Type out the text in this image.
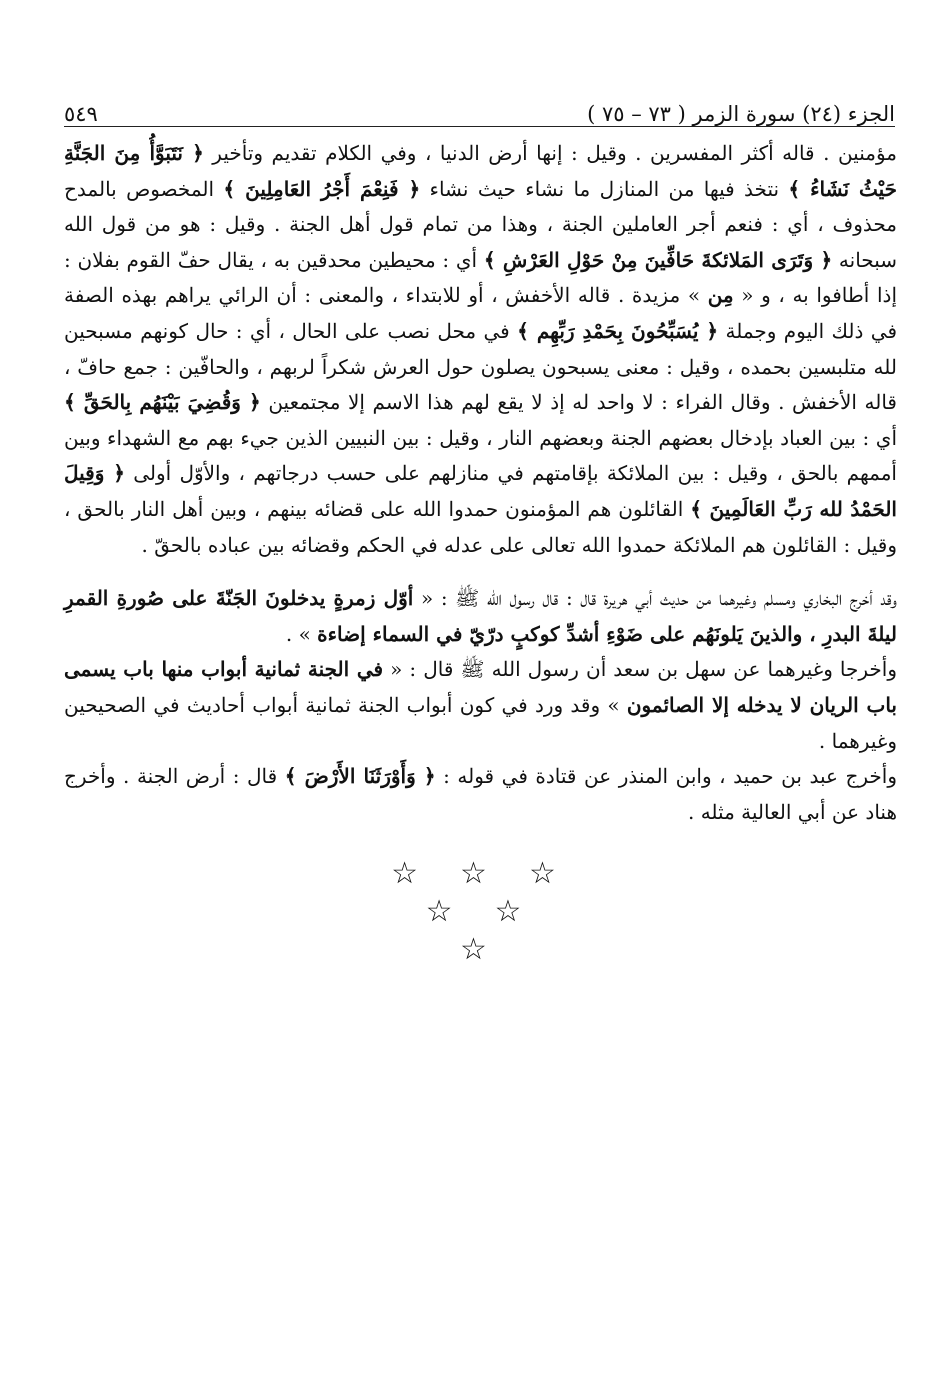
٥٤٩	الجزء (٢٤) سورة الزمر ( ٧٣ – ٧٥ )

مؤمنين . قاله أكثر المفسرين . وقيل : إنها أرض الدنيا ، وفي الكلام تقديم وتأخير ﴿ نَتَبَوَّأُ مِنَ الجَنَّةِ حَيْثُ نَشَاءُ ﴾ نتخذ فيها من المنازل ما نشاء حيث نشاء ﴿ فَنِعْمَ أَجْرُ العَامِلِينَ ﴾ المخصوص بالمدح محذوف ، أي : فنعم أجر العاملين الجنة ، وهذا من تمام قول أهل الجنة . وقيل : هو من قول الله سبحانه ﴿ وَتَرَى المَلائكةَ حَافِّينَ مِنْ حَوْلِ العَرْشِ ﴾ أي : محيطين محدقين به ، يقال حفّ القوم بفلان : إذا أطافوا به ، و « مِن » مزيدة . قاله الأخفش ، أو للابتداء ، والمعنى : أن الرائي يراهم بهذه الصفة في ذلك اليوم وجملة ﴿ يُسَبِّحُونَ بِحَمْدِ رَبِّهِم ﴾ في محل نصب على الحال ، أي : حال كونهم مسبحين لله متلبسين بحمده ، وقيل : معنى يسبحون يصلون حول العرش شكراً لربهم ، والحافّين : جمع حافّ ، قاله الأخفش . وقال الفراء : لا واحد له إذ لا يقع لهم هذا الاسم إلا مجتمعين ﴿ وَقُضِيَ بَيْنَهُم بِالحَقِّ ﴾ أي : بين العباد بإدخال بعضهم الجنة وبعضهم النار ، وقيل : بين النبيين الذين جيء بهم مع الشهداء وبين أممهم بالحق ، وقيل : بين الملائكة بإقامتهم في منازلهم على حسب درجاتهم ، والأوّل أولى ﴿ وَقِيلَ الحَمْدُ لله رَبِّ العَالَمِينَ ﴾ القائلون هم المؤمنون حمدوا الله على قضائه بينهم ، وبين أهل النار بالحق ، وقيل : القائلون هم الملائكة حمدوا الله تعالى على عدله في الحكم وقضائه بين عباده بالحقّ .

وقد أخرج البخاري ومسلم وغيرهما من حديث أبي هريرة قال : قال رسول الله ﷺ : « أوّل زمرةٍ يدخلونَ الجَنّةَ على صُورةِ القمرِ ليلةَ البدرِ ، والذينَ يَلونَهُم على ضَوْءِ أشدِّ كوكبٍ درّيّ في السماء إضاءة » .

وأخرجا وغيرهما عن سهل بن سعد أن رسول الله ﷺ قال : « في الجنة ثمانية أبواب منها باب يسمى باب الريان لا يدخله إلا الصائمون » وقد ورد في كون أبواب الجنة ثمانية أبواب أحاديث في الصحيحين وغيرهما .

وأخرج عبد بن حميد ، وابن المنذر عن قتادة في قوله : ﴿ وَأَوْرَثَنَا الأَرْضَ ﴾ قال : أرض الجنة . وأخرج هناد عن أبي العالية مثله .

☆ ☆ ☆
☆ ☆
☆
